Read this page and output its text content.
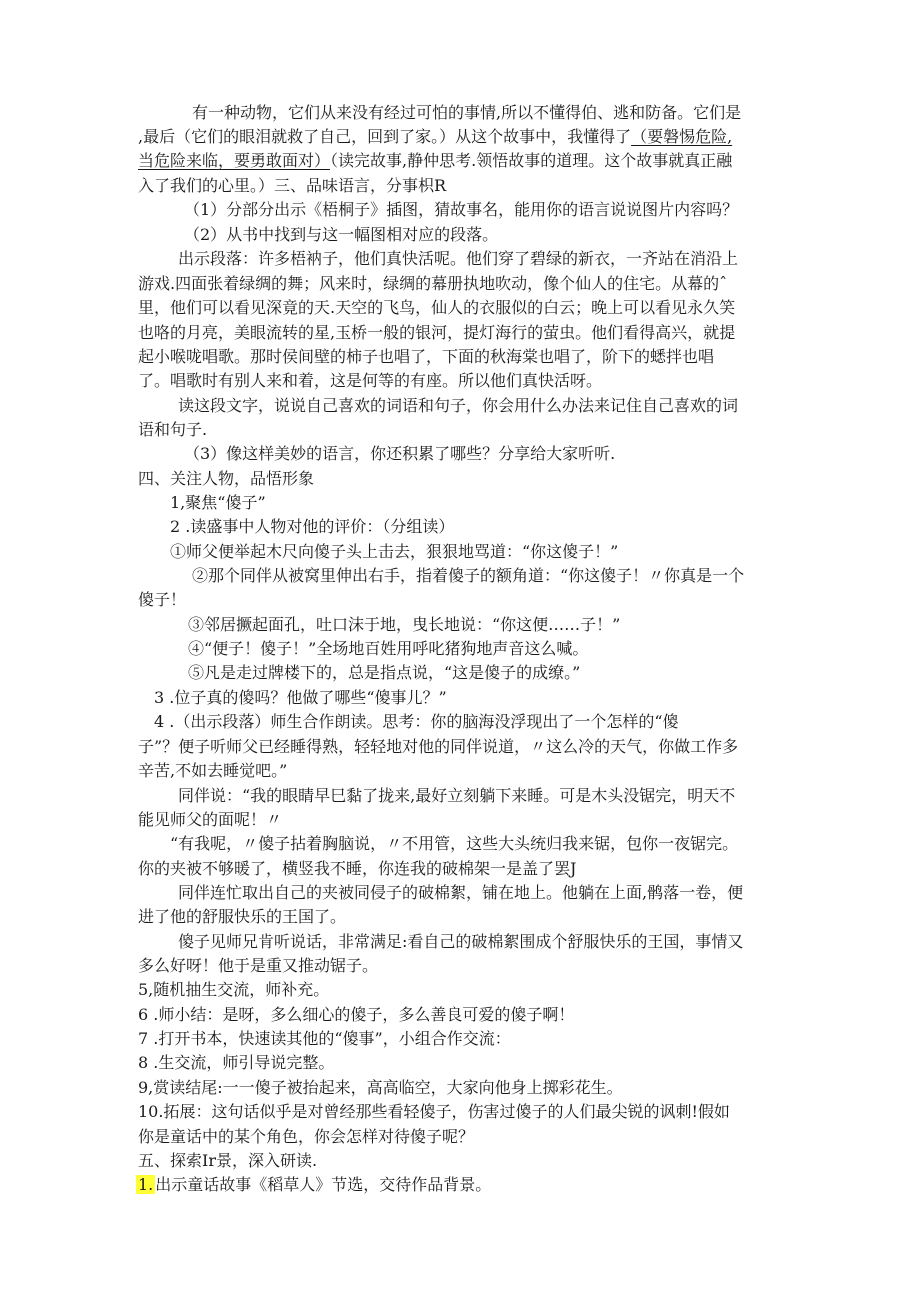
有一种动物，它们从来没有经过可怕的事情,所以不懂得伯、逃和防备。它们是
,最后（它们的眼泪就救了自己，回到了家。）从这个故事中，我懂得了（要磐惕危险,
当危险来临，要勇敢面对）（读完故事,静仲思考.领悟故事的道理。这个故事就真正融
入了我们的心里。）三、品味语言，分事枳R
（1）分部分出示《梧桐子》插图，猜故事名，能用你的语言说说图片内容吗？
（2）从书中找到与这一幅图相对应的段落。
出示段落：许多梧衲子，他们真快活呢。他们穿了碧绿的新衣，一齐站在消沿上
游戏.四面张着绿绸的舞；风来时，绿绸的幕册执地吹动，像个仙人的住宅。从幕的ˆ
里，他们可以看见深竟的天.天空的飞鸟，仙人的衣服似的白云；晚上可以看见永久笑
也咯的月亮，美眼流转的星,玉桥一般的银河，提灯海行的萤虫。他们看得高兴，就提
起小喉咙唱歌。那时侯间壁的柿子也唱了，下面的秋海棠也唱了，阶下的蟋拌也唱
了。唱歌时有别人来和着，这是何等的有座。所以他们真快活呀。
读这段文字，说说自己喜欢的词语和句子，你会用什么办法来记住自己喜欢的词
语和句子.
（3）像这样美妙的语言，你还积累了哪些？分享给大家听听.
四、关注人物，品悟形象
1,聚焦“傻子”
2 .读盛事中人物对他的评价：（分组读）
①师父便举起木尺向傻子头上击去，狠狠地骂道：“你这傻子！”
②那个同伴从被窝里伸出右手，指着傻子的额角道：“你这傻子！〃你真是一个
傻子！
③邻居撅起面孔，吐口沫于地，曳长地说：“你这便……子！”
④“便子！傻子！”全场地百姓用呼叱猪狗地声音这么喊。
⑤凡是走过牌楼下的，总是指点说，“这是傻子的成缭。”
3 .位子真的傻吗？他做了哪些“傻事儿？”
4 .（出示段落）师生合作朗读。思考：你的脑海没浮现出了一个怎样的“傻
子”？便子听师父已经睡得熟，轻轻地对他的同伴说道，〃这么冷的天气，你做工作多
辛苦,不如去睡觉吧。”
同伴说：“我的眼睛早巳黏了拢来,最好立刻躺下来睡。可是木头没锯完，明天不
能见师父的面呢！〃
“有我呢，〃傻子拈着胸脑说，〃不用管，这些大头统归我来锯，包你一夜锯完。
你的夹被不够暖了，横竖我不睡，你连我的破棉架一是盖了罢J
同伴连忙取出自己的夹被同侵子的破棉絮，铺在地上。他躺在上面,鹘落一卷，便
进了他的舒服快乐的王国了。
傻子见师兄肯听说话，非常满足:看自己的破棉絮围成个舒服快乐的王国，事情又
多么好呀！他于是重又推动锯子。
5,随机抽生交流，师补充。
6 .师小结：是呀，多么细心的傻子，多么善良可爱的傻子啊！
7 .打开书本，快速读其他的“傻事”，小组合作交流：
8 .生交流，师引导说完整。
9,赏读结尾:一一傻子被抬起来，高高临空，大家向他身上掷彩花生。
10.拓展：这句话似乎是对曾经那些看轻傻子，伤害过傻子的人们最尖锐的讽刺!假如
你是童话中的某个角色，你会怎样对待傻子呢？
五、探索Ir景，深入研读.
1. 出示童话故事《稻草人》节选，交待作品背景。
